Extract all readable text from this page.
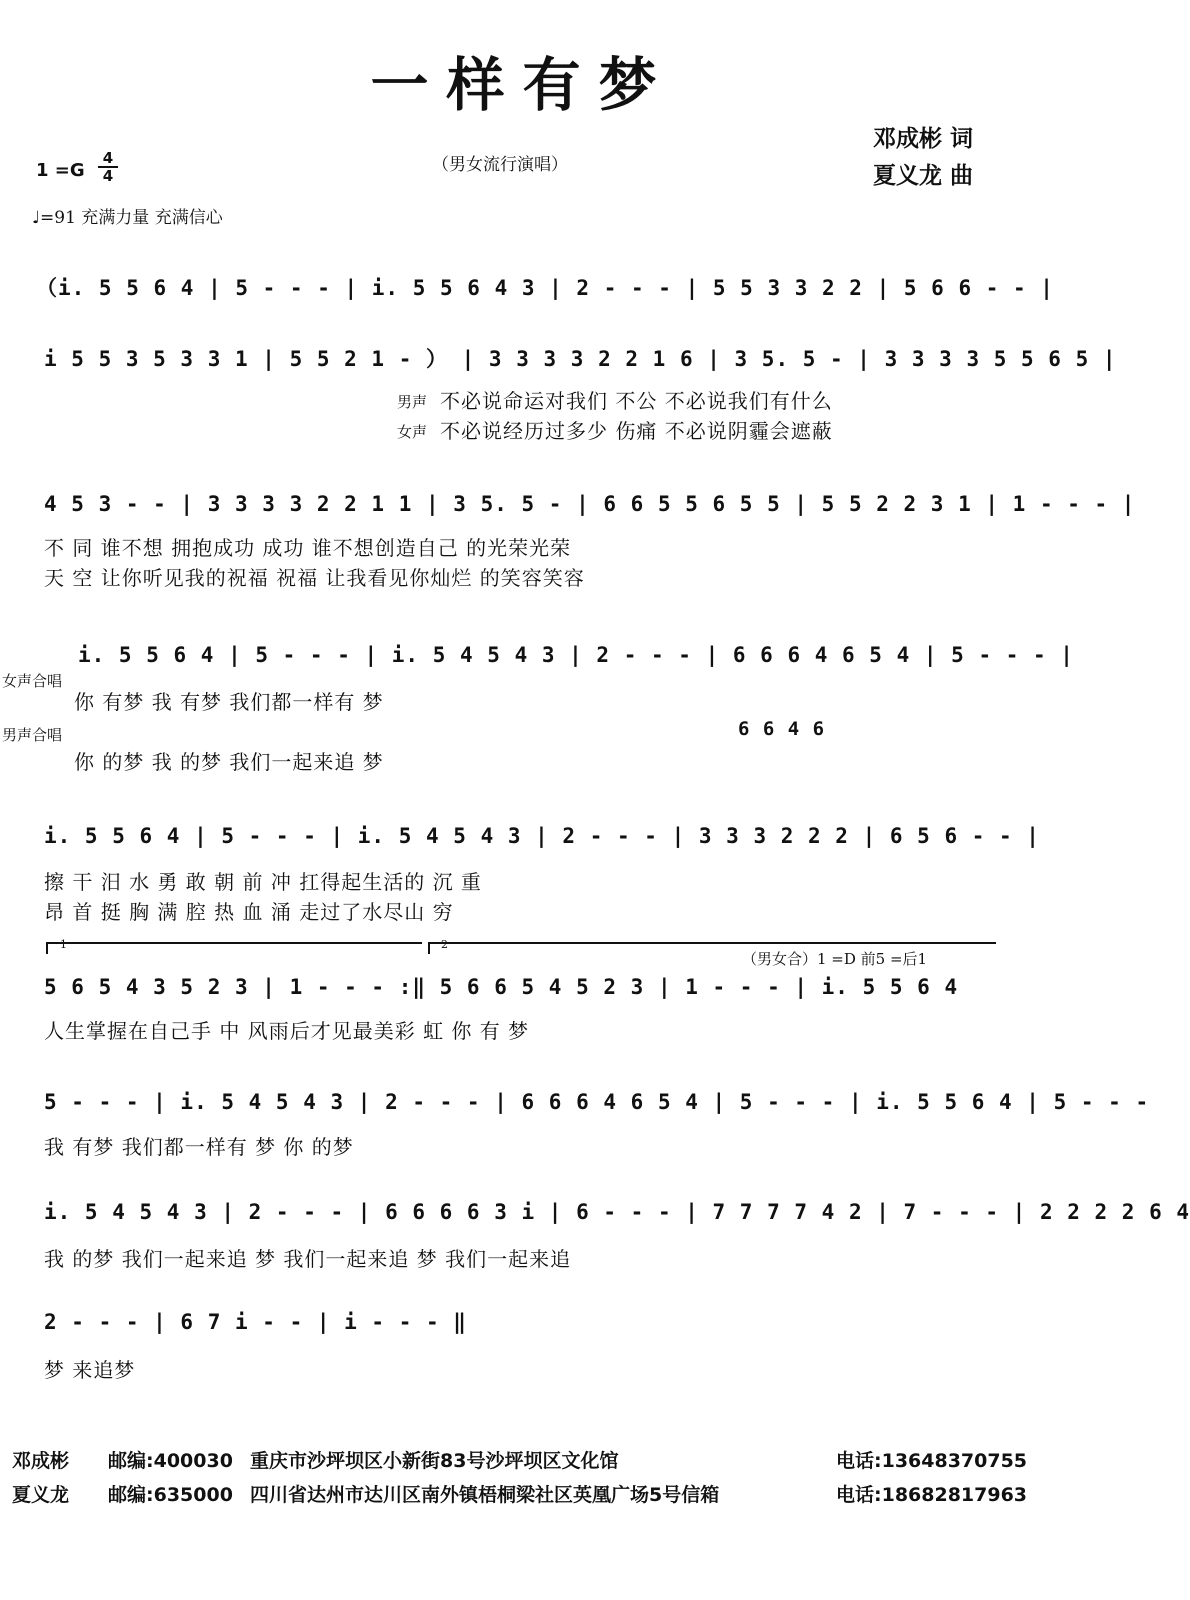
一样有梦
邓成彬 词
夏义龙 曲
（男女流行演唱）
1 =G
4
4
♩=91 充满力量 充满信心
（i. 5 5 6 4 | 5 - - - | i. 5 5 6 4 3 | 2 - - - | 5 5 3 3 2 2 | 5 6 6 - - |
i 5 5 3 5 3 3 1 | 5 5 2 1 - ） | 3 3 3 3 2 2 1 6 | 3 5. 5 - | 3 3 3 3 5 5 6 5 |
男声 不必说命运对我们 不公 不必说我们有什么
女声 不必说经历过多少 伤痛 不必说阴霾会遮蔽
4 5 3 - - | 3 3 3 3 2 2 1 1 | 3 5. 5 - | 6 6 5 5 6 5 5 | 5 5 2 2 3 1 | 1 - - - |
不 同 谁不想 拥抱成功 成功 谁不想创造自己 的光荣光荣
天 空 让你听见我的祝福 祝福 让我看见你灿烂 的笑容笑容
i. 5 5 6 4 | 5 - - - | i. 5 4 5 4 3 | 2 - - - | 6 6 6 4 6 5 4 | 5 - - - |
女声合唱
你 有梦 我 有梦 我们都一样有 梦
男声合唱	6 6 4 6
你 的梦 我 的梦 我们一起来追 梦
i. 5 5 6 4 | 5 - - - | i. 5 4 5 4 3 | 2 - - - | 3 3 3 2 2 2 | 6 5 6 - - |
擦 干 汨 水 勇 敢 朝 前 冲 扛得起生活的 沉 重
昂 首 挺 胸 满 腔 热 血 涌 走过了水尽山 穷
1	2
（男女合）1 =D 前5 =后1
5 6 5 4 3 5 2 3 | 1 - - - :‖ 5 6 6 5 4 5 2 3 | 1 - - - | i. 5 5 6 4
人生掌握在自己手 中 风雨后才见最美彩 虹 你 有 梦
5 - - - | i. 5 4 5 4 3 | 2 - - - | 6 6 6 4 6 5 4 | 5 - - - | i. 5 5 6 4 | 5 - - -
我 有梦 我们都一样有 梦 你 的梦
i. 5 4 5 4 3 | 2 - - - | 6 6 6 6 3 i | 6 - - - | 7 7 7 7 4 2 | 7 - - - | 2 2 2 2 6 4
我 的梦 我们一起来追 梦 我们一起来追 梦 我们一起来追
2 - - - | 6 7 i - - | i - - - ‖
梦 来追梦
邓成彬 邮编:400030 重庆市沙坪坝区小新街83号沙坪坝区文化馆	电话:13648370755
夏义龙 邮编:635000 四川省达州市达川区南外镇梧桐梁社区英凰广场5号信箱	电话:18682817963
